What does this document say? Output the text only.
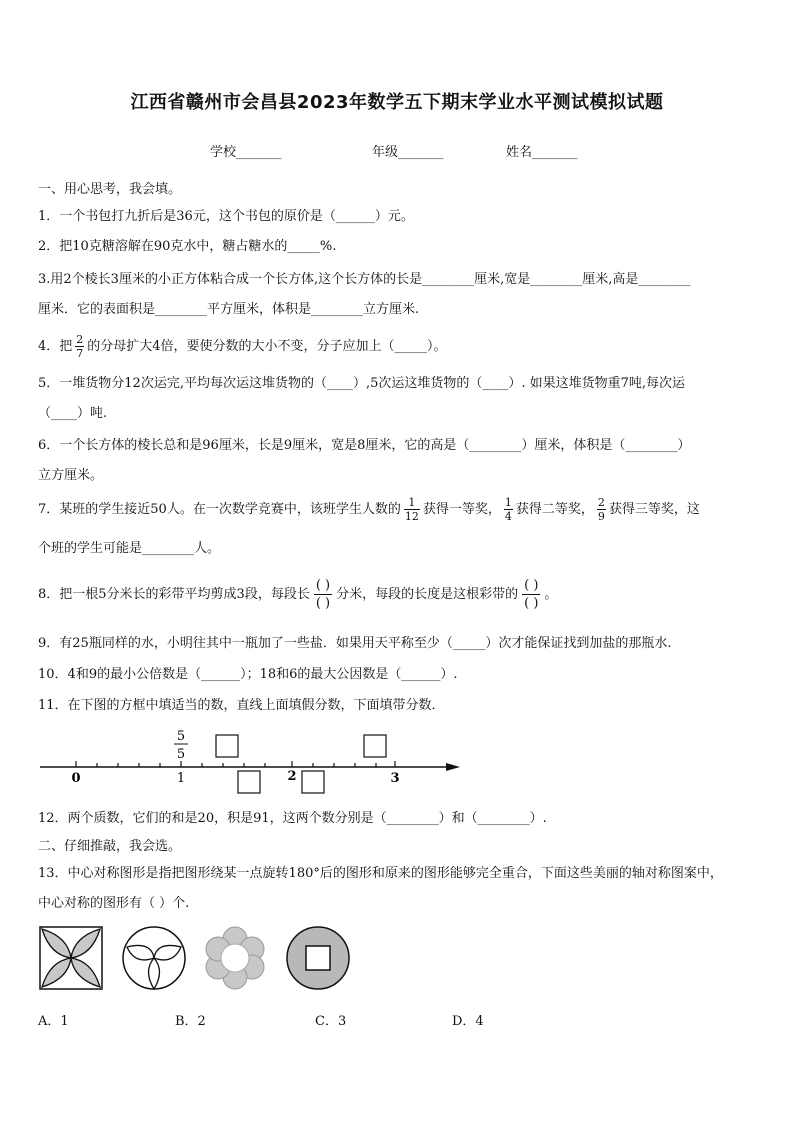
江西省赣州市会昌县2023年数学五下期末学业水平测试模拟试题
学校_______	年级_______	姓名_______
一、用心思考，我会填。
1．一个书包打九折后是36元，这个书包的原价是（______）元。
2．把10克糖溶解在90克水中，糖占糖水的_____%.
3.用2个棱长3厘米的小正方体粘合成一个长方体,这个长方体的长是________厘米,宽是________厘米,高是________
厘米．它的表面积是________平方厘米，体积是________立方厘米.
4．把 $\frac{2}{7}$ 的分母扩大4倍，要使分数的大小不变，分子应加上（_____）。
5．一堆货物分12次运完,平均每次运这堆货物的（____）,5次运这堆货物的（____）. 如果这堆货物重7吨,每次运
（____）吨.
6．一个长方体的棱长总和是96厘米，长是9厘米，宽是8厘米，它的高是（________）厘米，体积是（________）
立方厘米。
7．某班的学生接近50人。在一次数学竞赛中，该班学生人数的 $\frac{1}{12}$ 获得一等奖， $\frac{1}{4}$ 获得二等奖， $\frac{2}{9}$ 获得三等奖，这
个班的学生可能是________人。
8．把一根5分米长的彩带平均剪成3段，每段长
( )
( )
分米，每段的长度是这根彩带的
( )
( )
。
9．有25瓶同样的水，小明往其中一瓶加了一些盐．如果用天平称至少（_____）次才能保证找到加盐的那瓶水.
10．4和9的最小公倍数是（______）；18和6的最大公因数是（______）.
11．在下图的方框中填适当的数，直线上面填假分数，下面填带分数．
0	1	2	3
5
5
12．两个质数，它们的和是20，积是91，这两个数分别是（________）和（________）.
二、仔细推敲，我会选。
13．中心对称图形是指把图形绕某一点旋转180°后的图形和原来的图形能够完全重合，下面这些美丽的轴对称图案中，
中心对称的图形有（ ）个.
A．1	B．2	C．3	D．4
